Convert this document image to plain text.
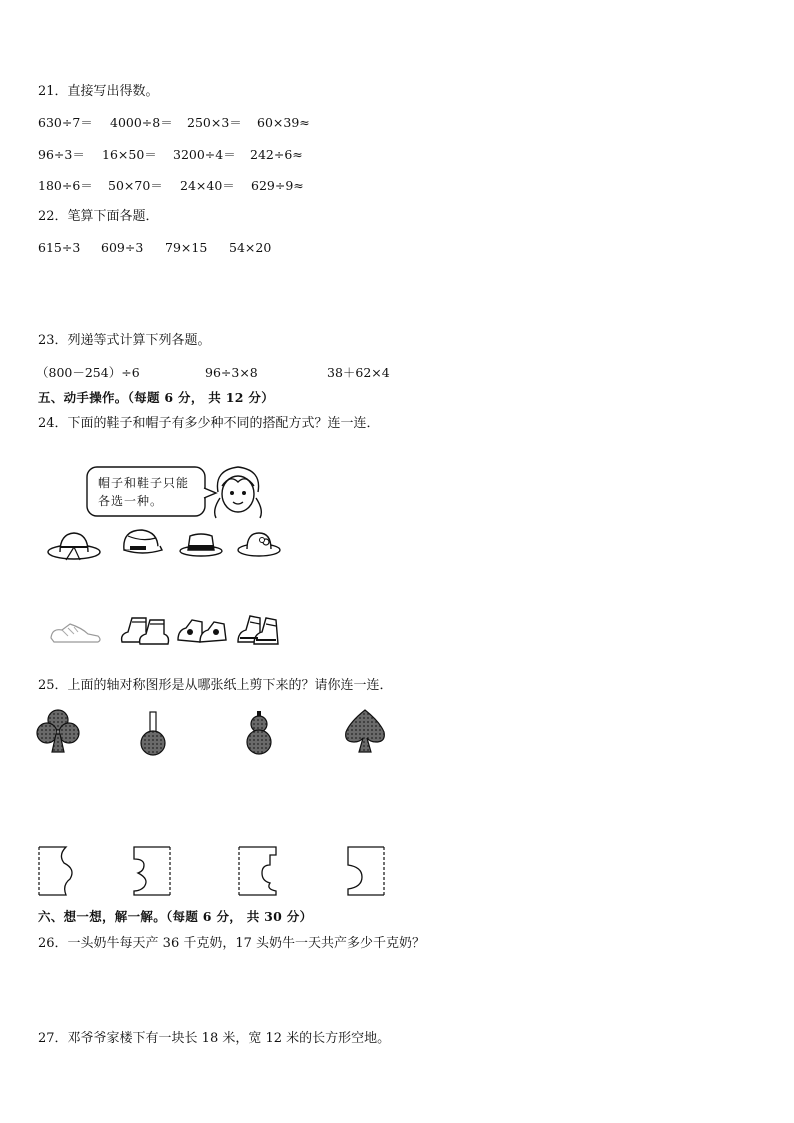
21．直接写出得数。
630÷7＝ 4000÷8＝ 250×3＝ 60×39≈
96÷3＝ 16×50＝ 3200÷4＝ 242÷6≈
180÷6＝ 50×70＝ 24×40＝ 629÷9≈
22．笔算下面各题．
615÷3 609÷3 79×15 54×20
23．列递等式计算下列各题。
（800－254）÷6	96÷3×8	38＋62×4
五、动手操作。（每题 6 分， 共 12 分）
24．下面的鞋子和帽子有多少种不同的搭配方式？连一连．
帽子和鞋子只能
各选一种。
25．上面的轴对称图形是从哪张纸上剪下来的？请你连一连．
六、想一想，解一解。（每题 6 分， 共 30 分）
26．一头奶牛每天产 36 千克奶，17 头奶牛一天共产多少千克奶？
27．邓爷爷家楼下有一块长 18 米，宽 12 米的长方形空地。
